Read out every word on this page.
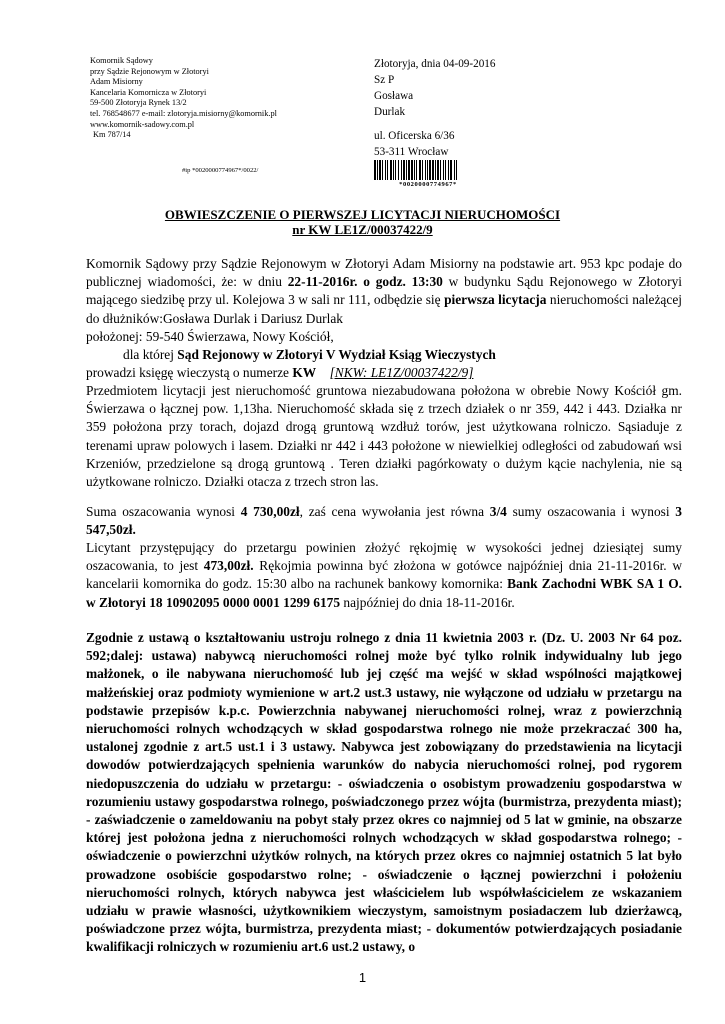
Komornik Sądowy
przy Sądzie Rejonowym w Złotoryi
Adam Misiorny
Kancelaria Komornicza w Złotoryi
59-500 Złotoryja Rynek 13/2
tel. 768548677 e-mail: zlotoryja.misiorny@komornik.pl
www.komornik-sadowy.com.pl
Km 787/14
Złotoryja, dnia 04-09-2016
Sz P
Gosława
Durlak
ul. Oficerska 6/36
53-311 Wrocław
#ip *0020000774967*/0022/
*0020000774967*
OBWIESZCZENIE O PIERWSZEJ LICYTACJI NIERUCHOMOŚCI
nr KW LE1Z/00037422/9
Komornik Sądowy przy Sądzie Rejonowym w Złotoryi Adam Misiorny na podstawie art. 953 kpc podaje do publicznej wiadomości, że: w dniu 22-11-2016r. o godz. 13:30 w budynku Sądu Rejonowego w Złotoryi mającego siedzibę przy ul. Kolejowa 3 w sali nr 111, odbędzie się pierwsza licytacja nieruchomości należącej do dłużników:Gosława Durlak i Dariusz Durlak
położonej: 59-540 Świerzawa, Nowy Kościół,
dla której Sąd Rejonowy w Złotoryi V Wydział Ksiąg Wieczystych
prowadzi księgę wieczystą o numerze KW [NKW: LE1Z/00037422/9]
Przedmiotem licytacji jest nieruchomość gruntowa niezabudowana położona w obrebie Nowy Kościół gm. Świerzawa o łącznej pow. 1,13ha. Nieruchomość składa się z trzech działek o nr 359, 442 i 443. Działka nr 359 położona przy torach, dojazd drogą gruntową wzdłuż torów, jest użytkowana rolniczo. Sąsiaduje z terenami upraw polowych i lasem. Działki nr 442 i 443 położone w niewielkiej odległości od zabudowań wsi Krzeniów, przedzielone są drogą gruntową . Teren działki pagórkowaty o dużym kącie nachylenia, nie są użytkowane rolniczo. Działki otacza z trzech stron las.
Suma oszacowania wynosi 4 730,00zł, zaś cena wywołania jest równa 3/4 sumy oszacowania i wynosi 3 547,50zł.
Licytant przystępujący do przetargu powinien złożyć rękojmię w wysokości jednej dziesiątej sumy oszacowania, to jest 473,00zł. Rękojmia powinna być złożona w gotówce najpóźniej dnia 21-11-2016r. w kancelarii komornika do godz. 15:30 albo na rachunek bankowy komornika: Bank Zachodni WBK SA 1 O. w Złotoryi 18 10902095 0000 0001 1299 6175 najpóźniej do dnia 18-11-2016r.
Zgodnie z ustawą o kształtowaniu ustroju rolnego z dnia 11 kwietnia 2003 r. (Dz. U. 2003 Nr 64 poz. 592;dalej: ustawa) nabywcą nieruchomości rolnej może być tylko rolnik indywidualny lub jego małżonek, o ile nabywana nieruchomość lub jej część ma wejść w skład wspólności majątkowej małżeńskiej oraz podmioty wymienione w art.2 ust.3 ustawy, nie wyłączone od udziału w przetargu na podstawie przepisów k.p.c. Powierzchnia nabywanej nieruchomości rolnej, wraz z powierzchnią nieruchomości rolnych wchodzących w skład gospodarstwa rolnego nie może przekraczać 300 ha, ustalonej zgodnie z art.5 ust.1 i 3 ustawy. Nabywca jest zobowiązany do przedstawienia na licytacji dowodów potwierdzających spełnienia warunków do nabycia nieruchomości rolnej, pod rygorem niedopuszczenia do udziału w przetargu: - oświadczenia o osobistym prowadzeniu gospodarstwa w rozumieniu ustawy gospodarstwa rolnego, poświadczonego przez wójta (burmistrza, prezydenta miast); - zaświadczenie o zameldowaniu na pobyt stały przez okres co najmniej od 5 lat w gminie, na obszarze której jest położona jedna z nieruchomości rolnych wchodzących w skład gospodarstwa rolnego; - oświadczenie o powierzchni użytków rolnych, na których przez okres co najmniej ostatnich 5 lat było prowadzone osobiście gospodarstwo rolne; - oświadczenie o łącznej powierzchni i położeniu nieruchomości rolnych, których nabywca jest właścicielem lub współwłaścicielem ze wskazaniem udziału w prawie własności, użytkownikiem wieczystym, samoistnym posiadaczem lub dzierżawcą, poświadczone przez wójta, burmistrza, prezydenta miast; - dokumentów potwierdzających posiadanie kwalifikacji rolniczych w rozumieniu art.6 ust.2 ustawy, o
1
